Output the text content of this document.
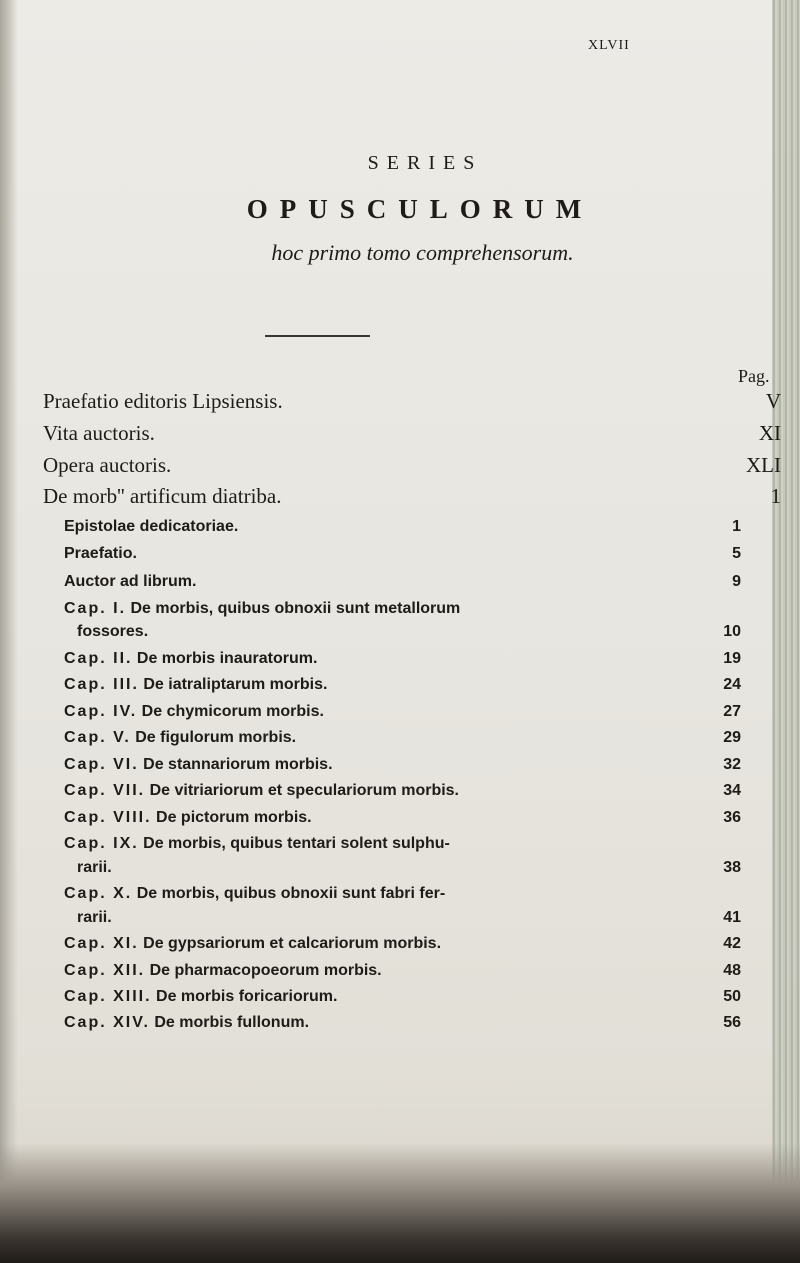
XLVII
SERIES
OPUSCULORUM
hoc primo tomo comprehensorum.
Pag.
Praefatio editoris Lipsiensis.	V
Vita auctoris.	XI
Opera auctoris.	XLI
De morb'' artificum diatriba.	1
Epistolae dedicatoriae.	1
Praefatio.	5
Auctor ad librum.	9
Cap. I. De morbis, quibus obnoxii sunt metallorum
fossores.	10
Cap. II. De morbis inauratorum.	19
Cap. III. De iatraliptarum morbis.	24
Cap. IV. De chymicorum morbis.	27
Cap. V. De figulorum morbis.	29
Cap. VI. De stannariorum morbis.	32
Cap. VII. De vitriariorum et speculariorum morbis.	34
Cap. VIII. De pictorum morbis.	36
Cap. IX. De morbis, quibus tentari solent sulphu-
rarii.	38
Cap. X. De morbis, quibus obnoxii sunt fabri fer-
rarii.	41
Cap. XI. De gypsariorum et calcariorum morbis.	42
Cap. XII. De pharmacopoeorum morbis.	48
Cap. XIII. De morbis foricariorum.	50
Cap. XIV. De morbis fullonum.	56
